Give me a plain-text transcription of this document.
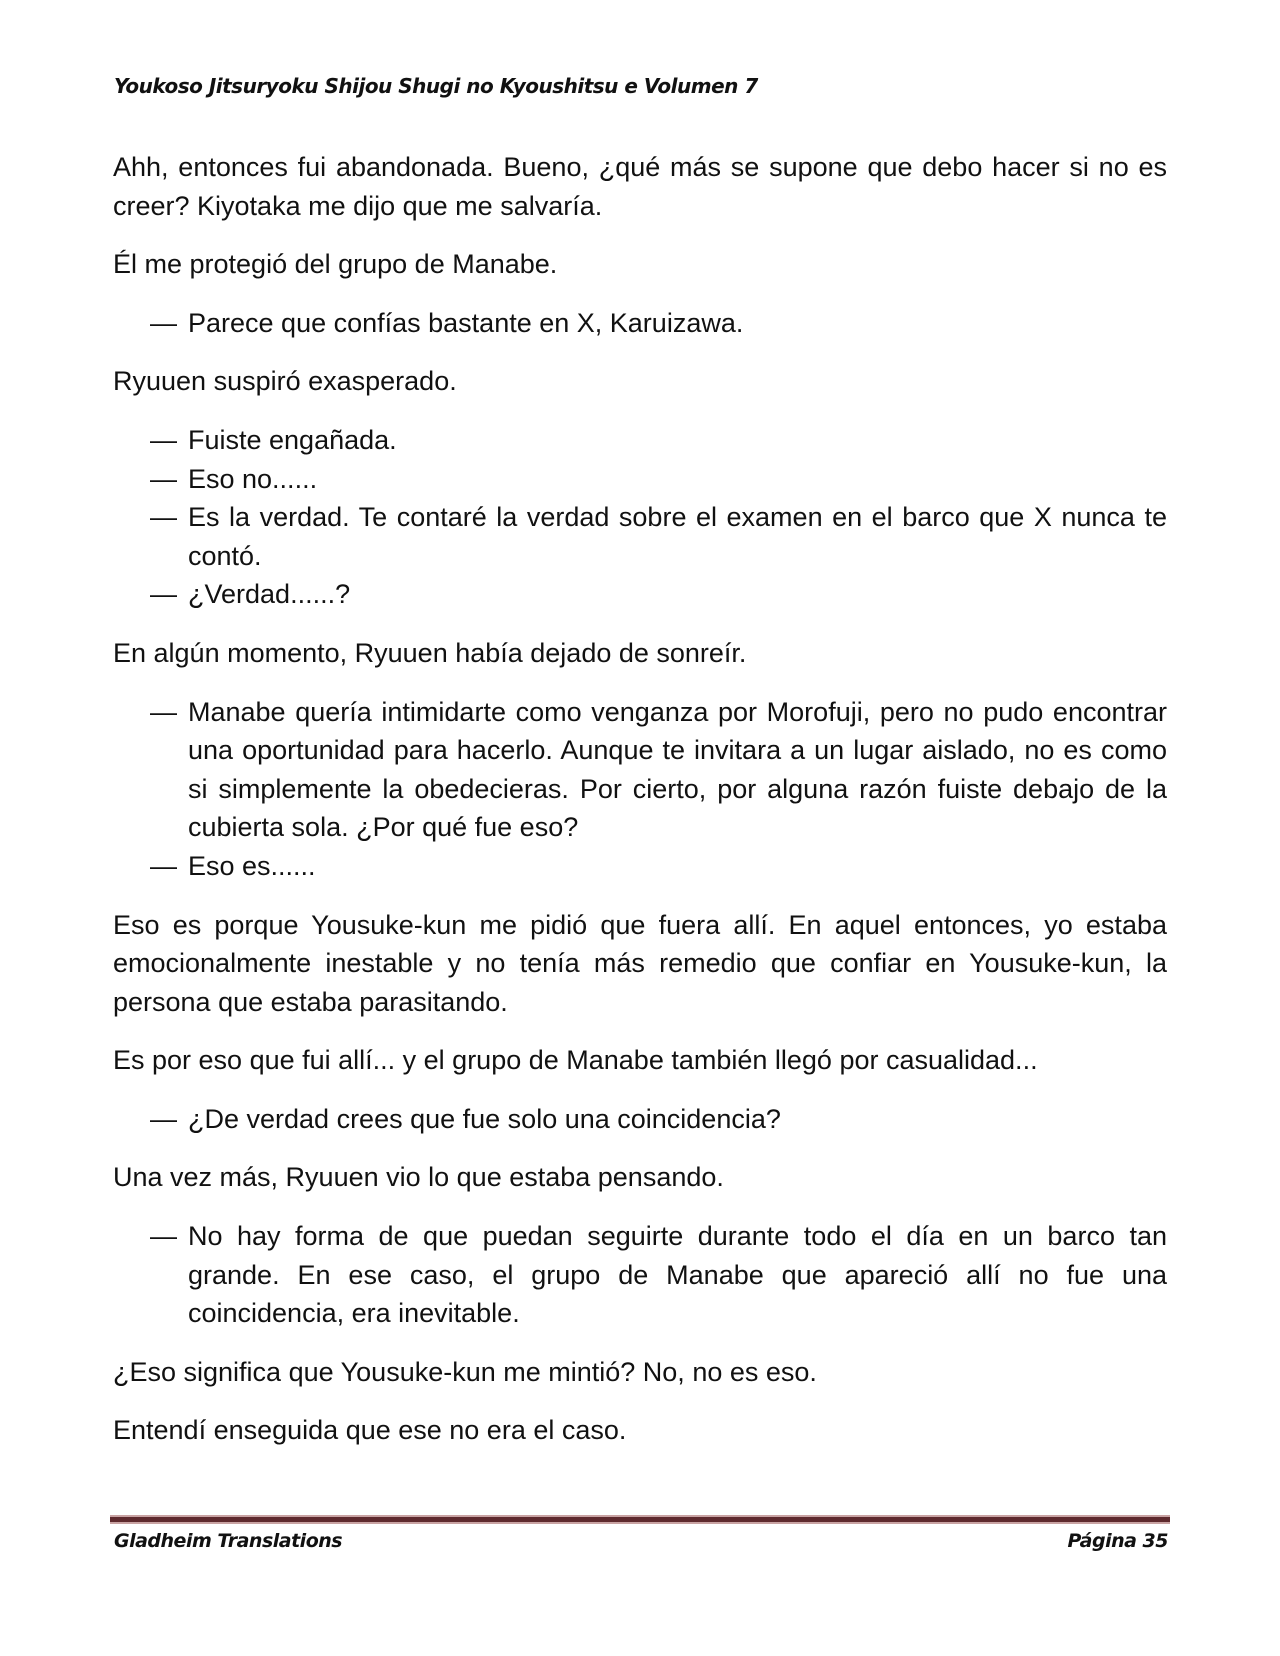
Youkoso Jitsuryoku Shijou Shugi no Kyoushitsu e Volumen 7

Ahh, entonces fui abandonada. Bueno, ¿qué más se supone que debo hacer si no es creer? Kiyotaka me dijo que me salvaría.

Él me protegió del grupo de Manabe.

— Parece que confías bastante en X, Karuizawa.

Ryuuen suspiró exasperado.

— Fuiste engañada.
— Eso no......
— Es la verdad. Te contaré la verdad sobre el examen en el barco que X nunca te contó.
— ¿Verdad......?

En algún momento, Ryuuen había dejado de sonreír.

— Manabe quería intimidarte como venganza por Morofuji, pero no pudo encontrar una oportunidad para hacerlo. Aunque te invitara a un lugar aislado, no es como si simplemente la obedecieras. Por cierto, por alguna razón fuiste debajo de la cubierta sola. ¿Por qué fue eso?
— Eso es......

Eso es porque Yousuke-kun me pidió que fuera allí. En aquel entonces, yo estaba emocionalmente inestable y no tenía más remedio que confiar en Yousuke-kun, la persona que estaba parasitando.

Es por eso que fui allí... y el grupo de Manabe también llegó por casualidad...

— ¿De verdad crees que fue solo una coincidencia?

Una vez más, Ryuuen vio lo que estaba pensando.

— No hay forma de que puedan seguirte durante todo el día en un barco tan grande. En ese caso, el grupo de Manabe que apareció allí no fue una coincidencia, era inevitable.

¿Eso significa que Yousuke-kun me mintió? No, no es eso.

Entendí enseguida que ese no era el caso.

Gladheim Translations	Página 35
